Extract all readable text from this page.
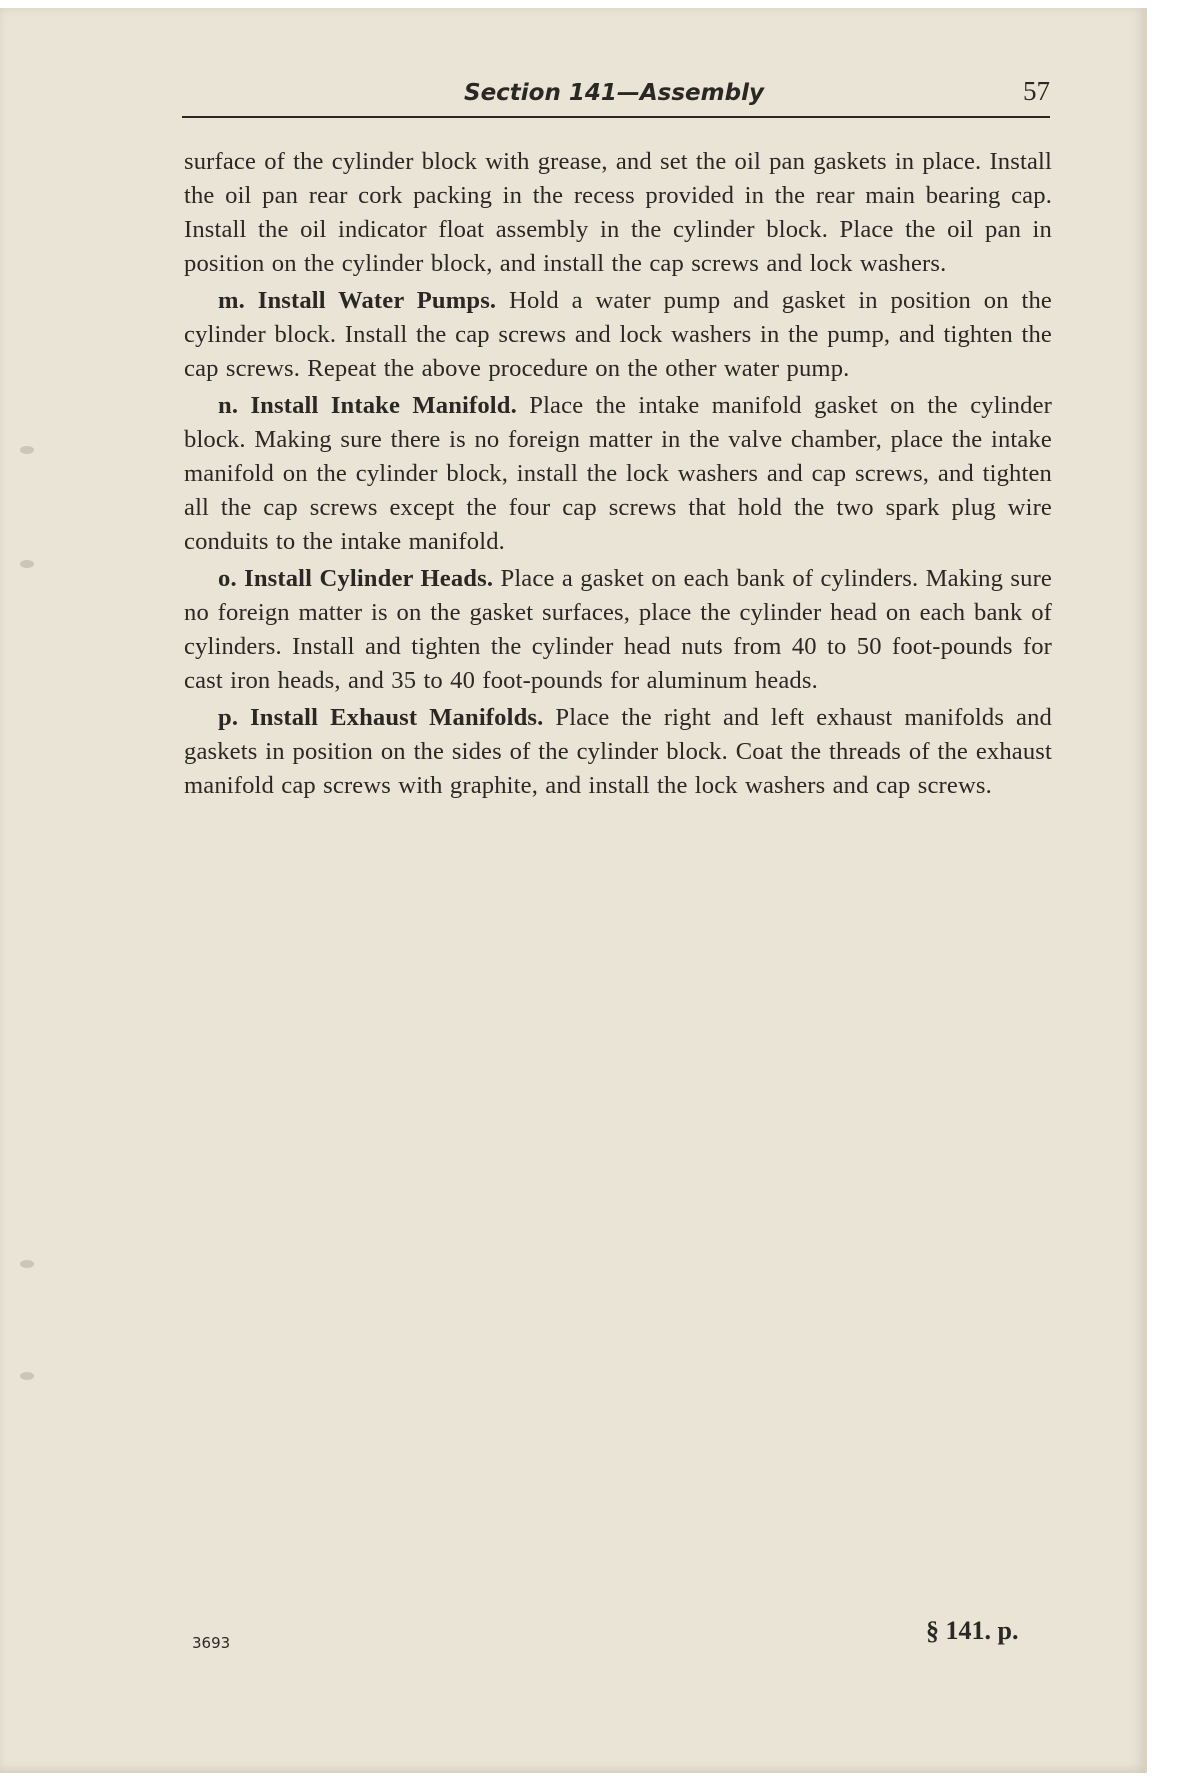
Section 141—Assembly	57

surface of the cylinder block with grease, and set the oil pan gaskets in place. Install the oil pan rear cork packing in the recess provided in the rear main bearing cap. Install the oil indicator float assembly in the cylinder block. Place the oil pan in position on the cylinder block, and install the cap screws and lock washers.

m. Install Water Pumps. Hold a water pump and gasket in position on the cylinder block. Install the cap screws and lock washers in the pump, and tighten the cap screws. Repeat the above procedure on the other water pump.

n. Install Intake Manifold. Place the intake manifold gasket on the cylinder block. Making sure there is no foreign matter in the valve chamber, place the intake manifold on the cylinder block, install the lock washers and cap screws, and tighten all the cap screws except the four cap screws that hold the two spark plug wire conduits to the intake manifold.

o. Install Cylinder Heads. Place a gasket on each bank of cylinders. Making sure no foreign matter is on the gasket surfaces, place the cylinder head on each bank of cylinders. Install and tighten the cylinder head nuts from 40 to 50 foot-pounds for cast iron heads, and 35 to 40 foot-pounds for aluminum heads.

p. Install Exhaust Manifolds. Place the right and left exhaust manifolds and gaskets in position on the sides of the cylinder block. Coat the threads of the exhaust manifold cap screws with graphite, and install the lock washers and cap screws.

3693	§ 141. p.
